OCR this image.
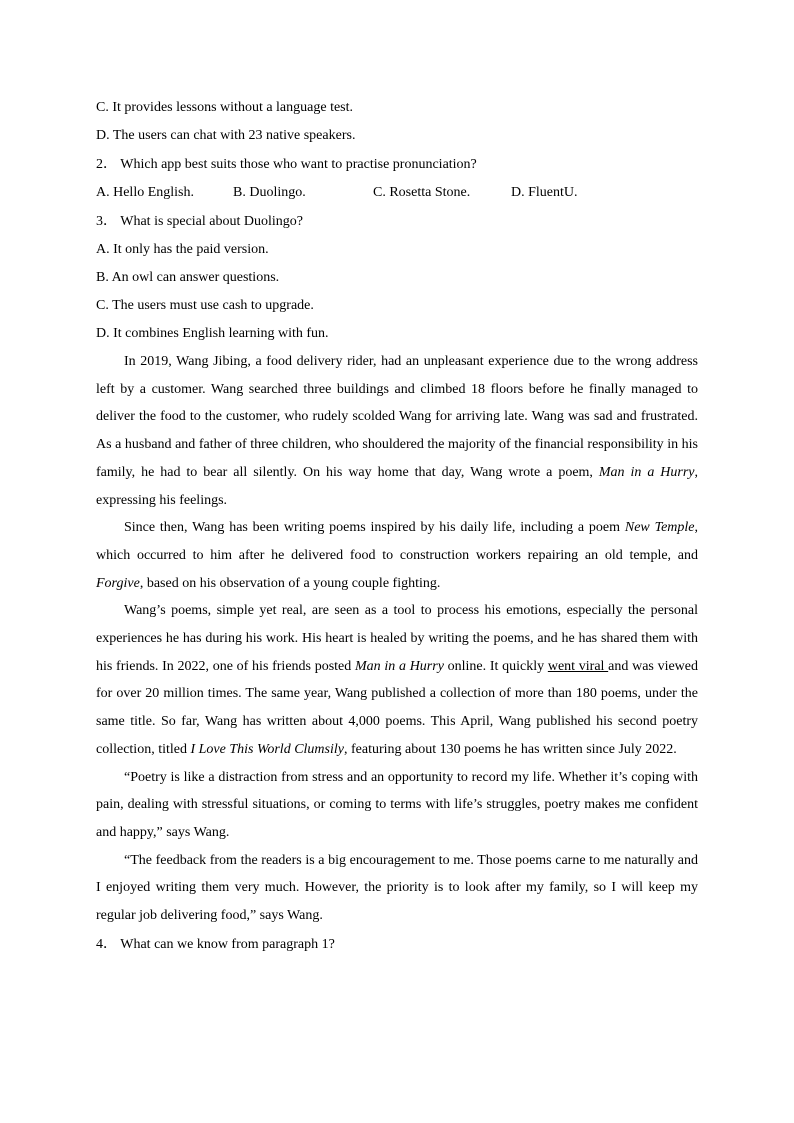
C. It provides lessons without a language test.
D. The users can chat with 23 native speakers.
2． Which app best suits those who want to practise pronunciation?
A. Hello English.	B. Duolingo.	C. Rosetta Stone.	D. FluentU.
3． What is special about Duolingo?
A. It only has the paid version.
B. An owl can answer questions.
C. The users must use cash to upgrade.
D. It combines English learning with fun.

In 2019, Wang Jibing, a food delivery rider, had an unpleasant experience due to the wrong address left by a customer. Wang searched three buildings and climbed 18 floors before he finally managed to deliver the food to the customer, who rudely scolded Wang for arriving late. Wang was sad and frustrated. As a husband and father of three children, who shouldered the majority of the financial responsibility in his family, he had to bear all silently. On his way home that day, Wang wrote a poem, Man in a Hurry, expressing his feelings.

Since then, Wang has been writing poems inspired by his daily life, including a poem New Temple, which occurred to him after he delivered food to construction workers repairing an old temple, and Forgive, based on his observation of a young couple fighting.

Wang’s poems, simple yet real, are seen as a tool to process his emotions, especially the personal experiences he has during his work. His heart is healed by writing the poems, and he has shared them with his friends. In 2022, one of his friends posted Man in a Hurry online. It quickly went viral and was viewed for over 20 million times. The same year, Wang published a collection of more than 180 poems, under the same title. So far, Wang has written about 4,000 poems. This April, Wang published his second poetry collection, titled I Love This World Clumsily, featuring about 130 poems he has written since July 2022.

“Poetry is like a distraction from stress and an opportunity to record my life. Whether it’s coping with pain, dealing with stressful situations, or coming to terms with life’s struggles, poetry makes me confident and happy,” says Wang.

“The feedback from the readers is a big encouragement to me. Those poems carne to me naturally and I enjoyed writing them very much. However, the priority is to look after my family, so I will keep my regular job delivering food,” says Wang.

4． What can we know from paragraph 1?
